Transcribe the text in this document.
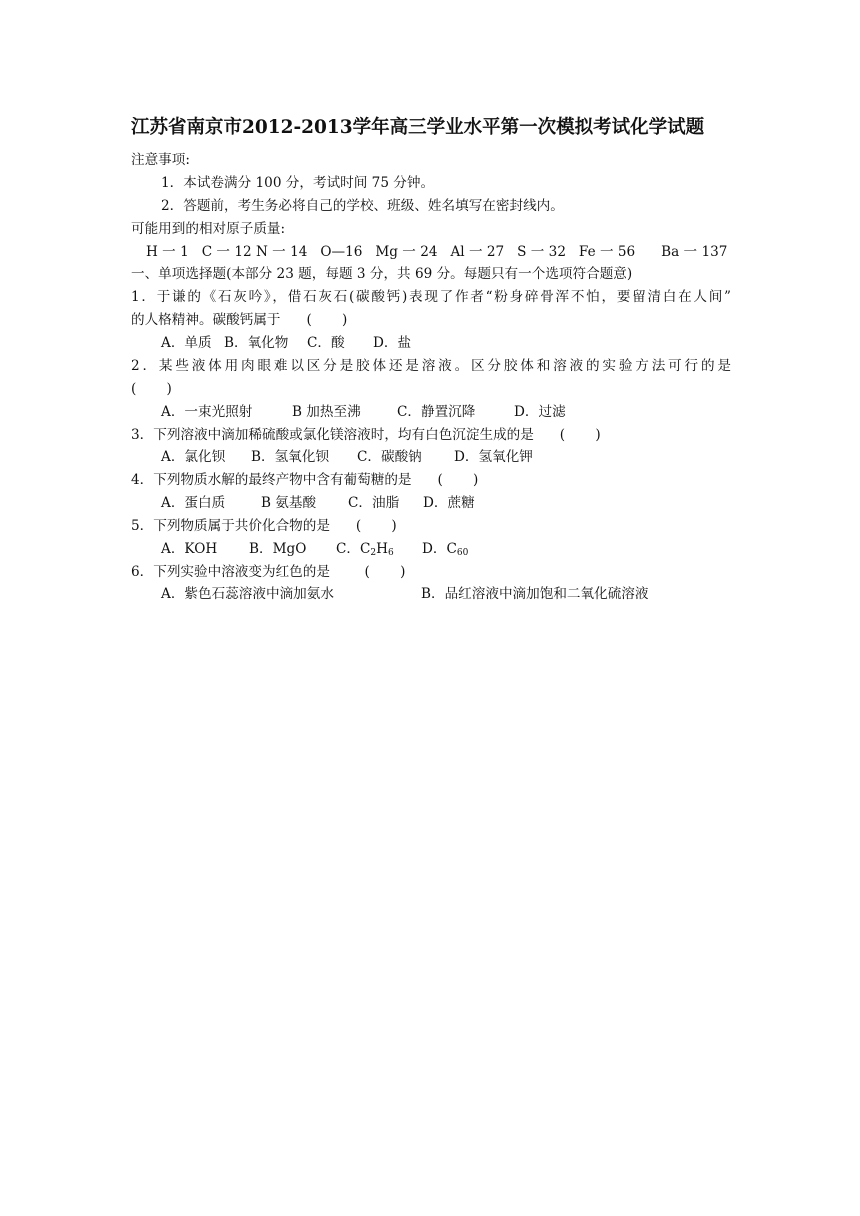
江苏省南京市2012-2013学年高三学业水平第一次模拟考试化学试题
注意事项:
1．本试卷满分 100 分，考试时间 75 分钟。
2．答题前，考生务必将自己的学校、班级、姓名填写在密封线内。
可能用到的相对原子质量:
H 一 1   C 一 12 N 一 14   O—16   Mg 一 24   Al 一 27   S 一 32   Fe 一 56      Ba 一 137
一、单项选择题(本部分 23 题，每题 3 分，共 69 分。每题只有一个选项符合题意)
1．于谦的《石灰吟》，借石灰石(碳酸钙)表现了作者“粉身碎骨浑不怕，要留清白在人间”
的人格精神。碳酸钙属于      (       )
A．单质 B．氧化物 C．酸 D．盐
2．某些液体用肉眼难以区分是胶体还是溶液。区分胶体和溶液的实验方法可行的是
(       )
A．一束光照射	B 加热至沸	C．静置沉降	D．过滤
3．下列溶液中滴加稀硫酸或氯化镁溶液时，均有白色沉淀生成的是      (       )
A．氯化钡 B．氢氧化钡 C．碳酸钠 D．氢氧化钾
4．下列物质水解的最终产物中含有葡萄糖的是      (       )
A．蛋白质	B 氨基酸 C．油脂 D．蔗糖
5．下列物质属于共价化合物的是      (       )
A．KOH B．MgO C．$C_2H_6$ D．$C_{60}$
6．下列实验中溶液变为红色的是        (       )
A．紫色石蕊溶液中滴加氨水	B．品红溶液中滴加饱和二氧化硫溶液
